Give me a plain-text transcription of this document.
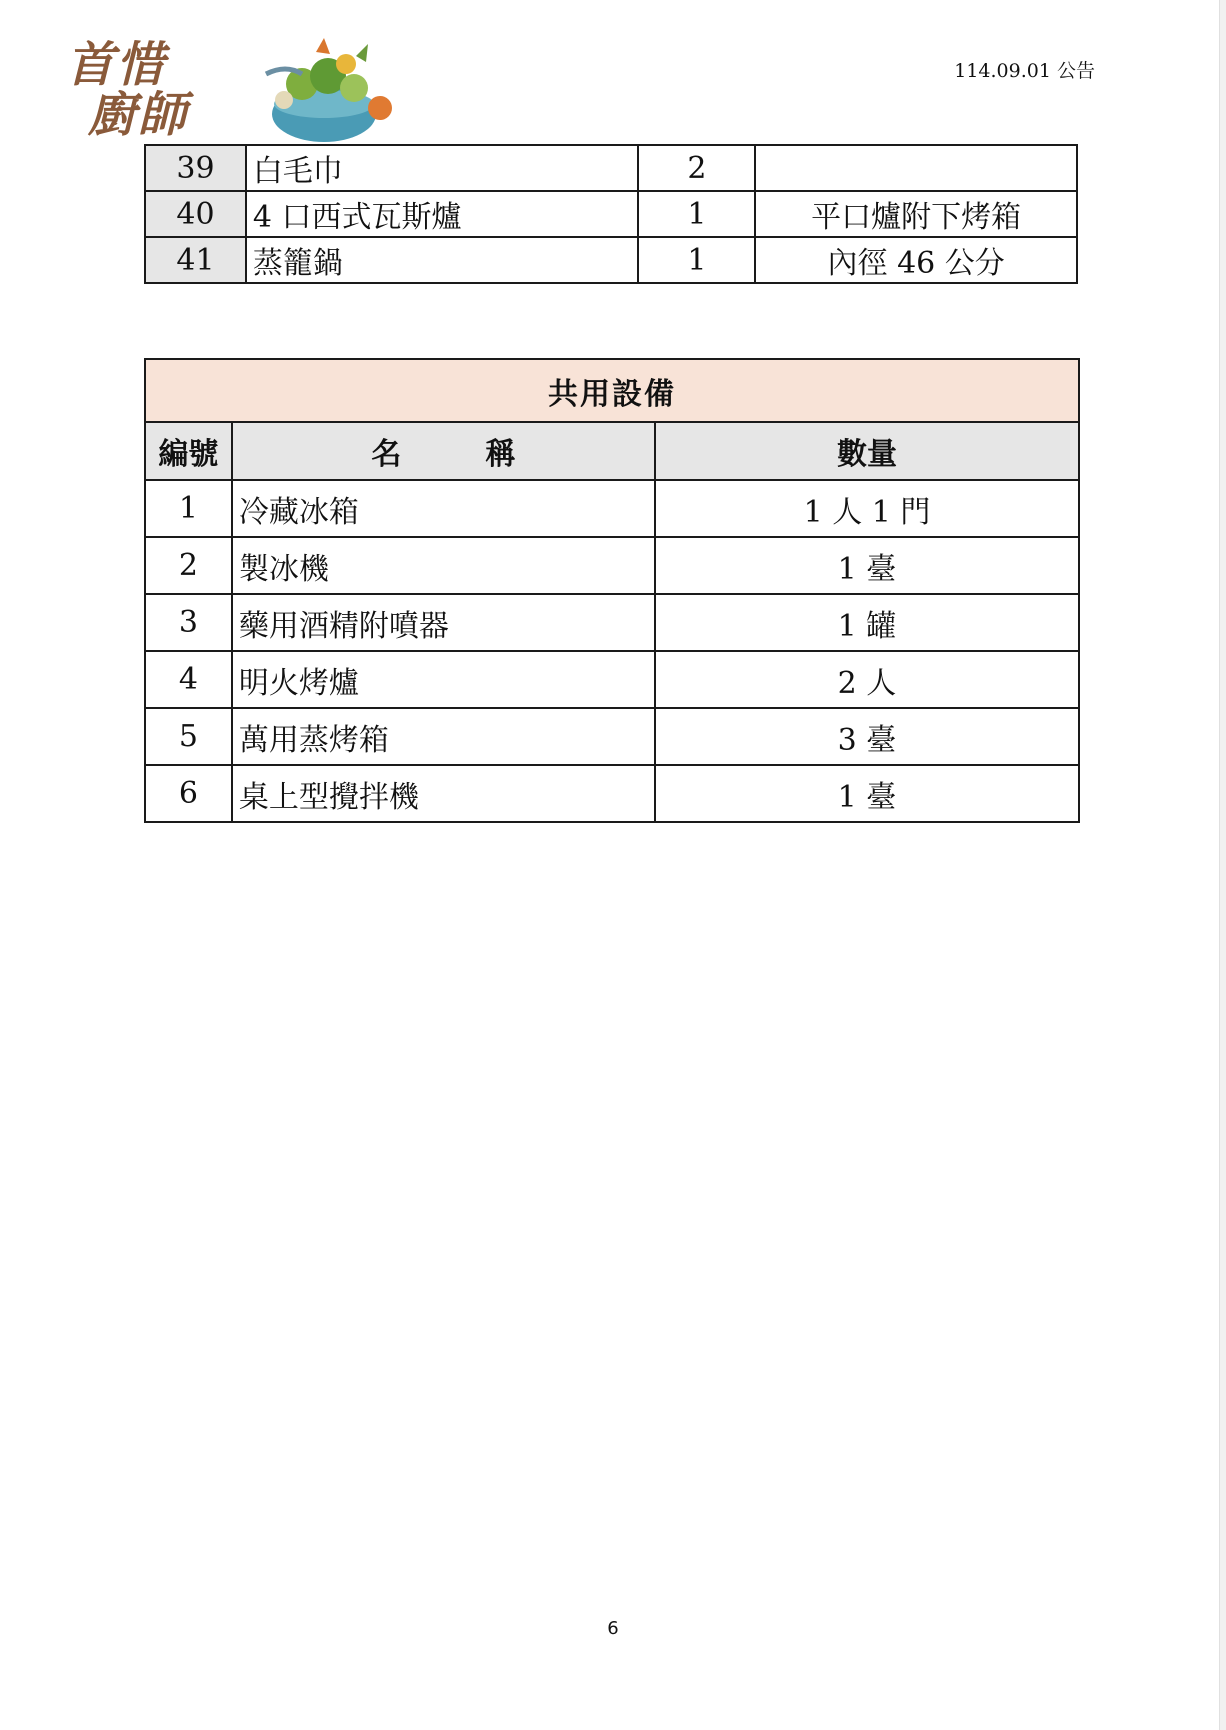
首惜
廚師
114.09.01 公告
39	白毛巾	2	
40	4 口西式瓦斯爐	1	平口爐附下烤箱
41	蒸籠鍋	1	內徑 46 公分
共用設備		
編號	名 稱	數量
1	冷藏冰箱	1 人 1 門
2	製冰機	1 臺
3	藥用酒精附噴器	1 罐
4	明火烤爐	2 人
5	萬用蒸烤箱	3 臺
6	桌上型攪拌機	1 臺
6
